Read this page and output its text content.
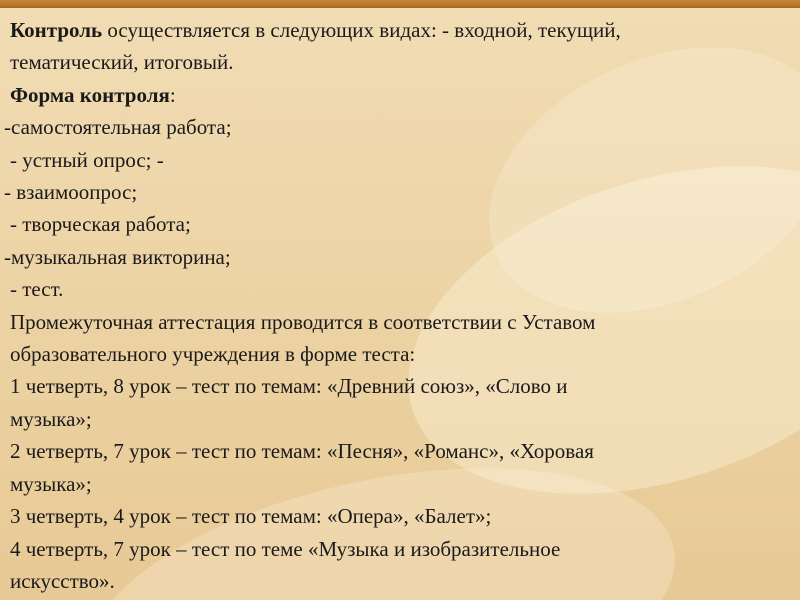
Контроль осуществляется в следующих видах: - входной, текущий,

тематический, итоговый.

Форма контроля:

-самостоятельная работа;

- устный опрос; -

- взаимоопрос;

- творческая работа;

-музыкальная викторина;

- тест.

Промежуточная аттестация проводится в соответствии с Уставом

образовательного учреждения в форме теста:

1 четверть, 8 урок – тест по темам: «Древний союз», «Слово и

музыка»;

2 четверть, 7 урок – тест по темам: «Песня», «Романс», «Хоровая

музыка»;

3 четверть, 4 урок – тест по темам: «Опера», «Балет»;

4 четверть, 7 урок – тест по теме «Музыка и изобразительное

искусство».
